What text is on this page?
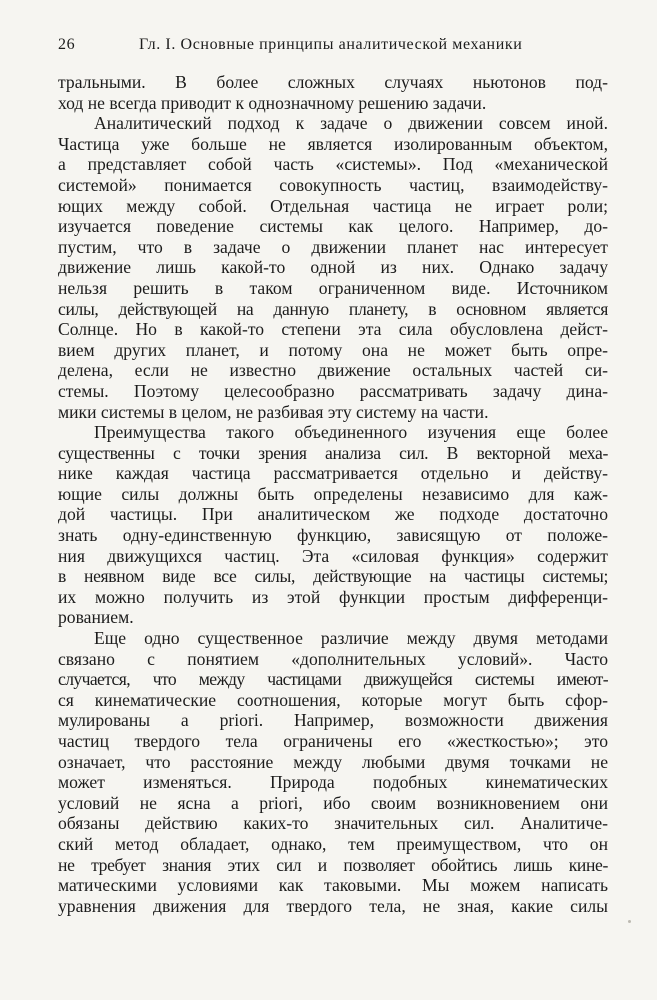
26	Гл. I. Основные принципы аналитической механики
тральными. В более сложных случаях ньютонов под-
ход не всегда приводит к однозначному решению задачи.
Аналитический подход к задаче о движении совсем иной.
Частица уже больше не является изолированным объектом,
а представляет собой часть «системы». Под «механической
системой» понимается совокупность частиц, взаимодейству-
ющих между собой. Отдельная частица не играет роли;
изучается поведение системы как целого. Например, до-
пустим, что в задаче о движении планет нас интересует
движение лишь какой-то одной из них. Однако задачу
нельзя решить в таком ограниченном виде. Источником
силы, действующей на данную планету, в основном является
Солнце. Но в какой-то степени эта сила обусловлена дейст-
вием других планет, и потому она не может быть опре-
делена, если не известно движение остальных частей си-
стемы. Поэтому целесообразно рассматривать задачу дина-
мики системы в целом, не разбивая эту систему на части.
Преимущества такого объединенного изучения еще более
существенны с точки зрения анализа сил. В векторной меха-
нике каждая частица рассматривается отдельно и действу-
ющие силы должны быть определены независимо для каж-
дой частицы. При аналитическом же подходе достаточно
знать одну-единственную функцию, зависящую от положе-
ния движущихся частиц. Эта «силовая функция» содержит
в неявном виде все силы, действующие на частицы системы;
их можно получить из этой функции простым дифференци-
рованием.
Еще одно существенное различие между двумя методами
связано с понятием «дополнительных условий». Часто
случается, что между частицами движущейся системы имеют-
ся кинематические соотношения, которые могут быть сфор-
мулированы a priori. Например, возможности движения
частиц твердого тела ограничены его «жесткостью»; это
означает, что расстояние между любыми двумя точками не
может изменяться. Природа подобных кинематических
условий не ясна a priori, ибо своим возникновением они
обязаны действию каких-то значительных сил. Аналитиче-
ский метод обладает, однако, тем преимуществом, что он
не требует знания этих сил и позволяет обойтись лишь кине-
матическими условиями как таковыми. Мы можем написать
уравнения движения для твердого тела, не зная, какие силы
